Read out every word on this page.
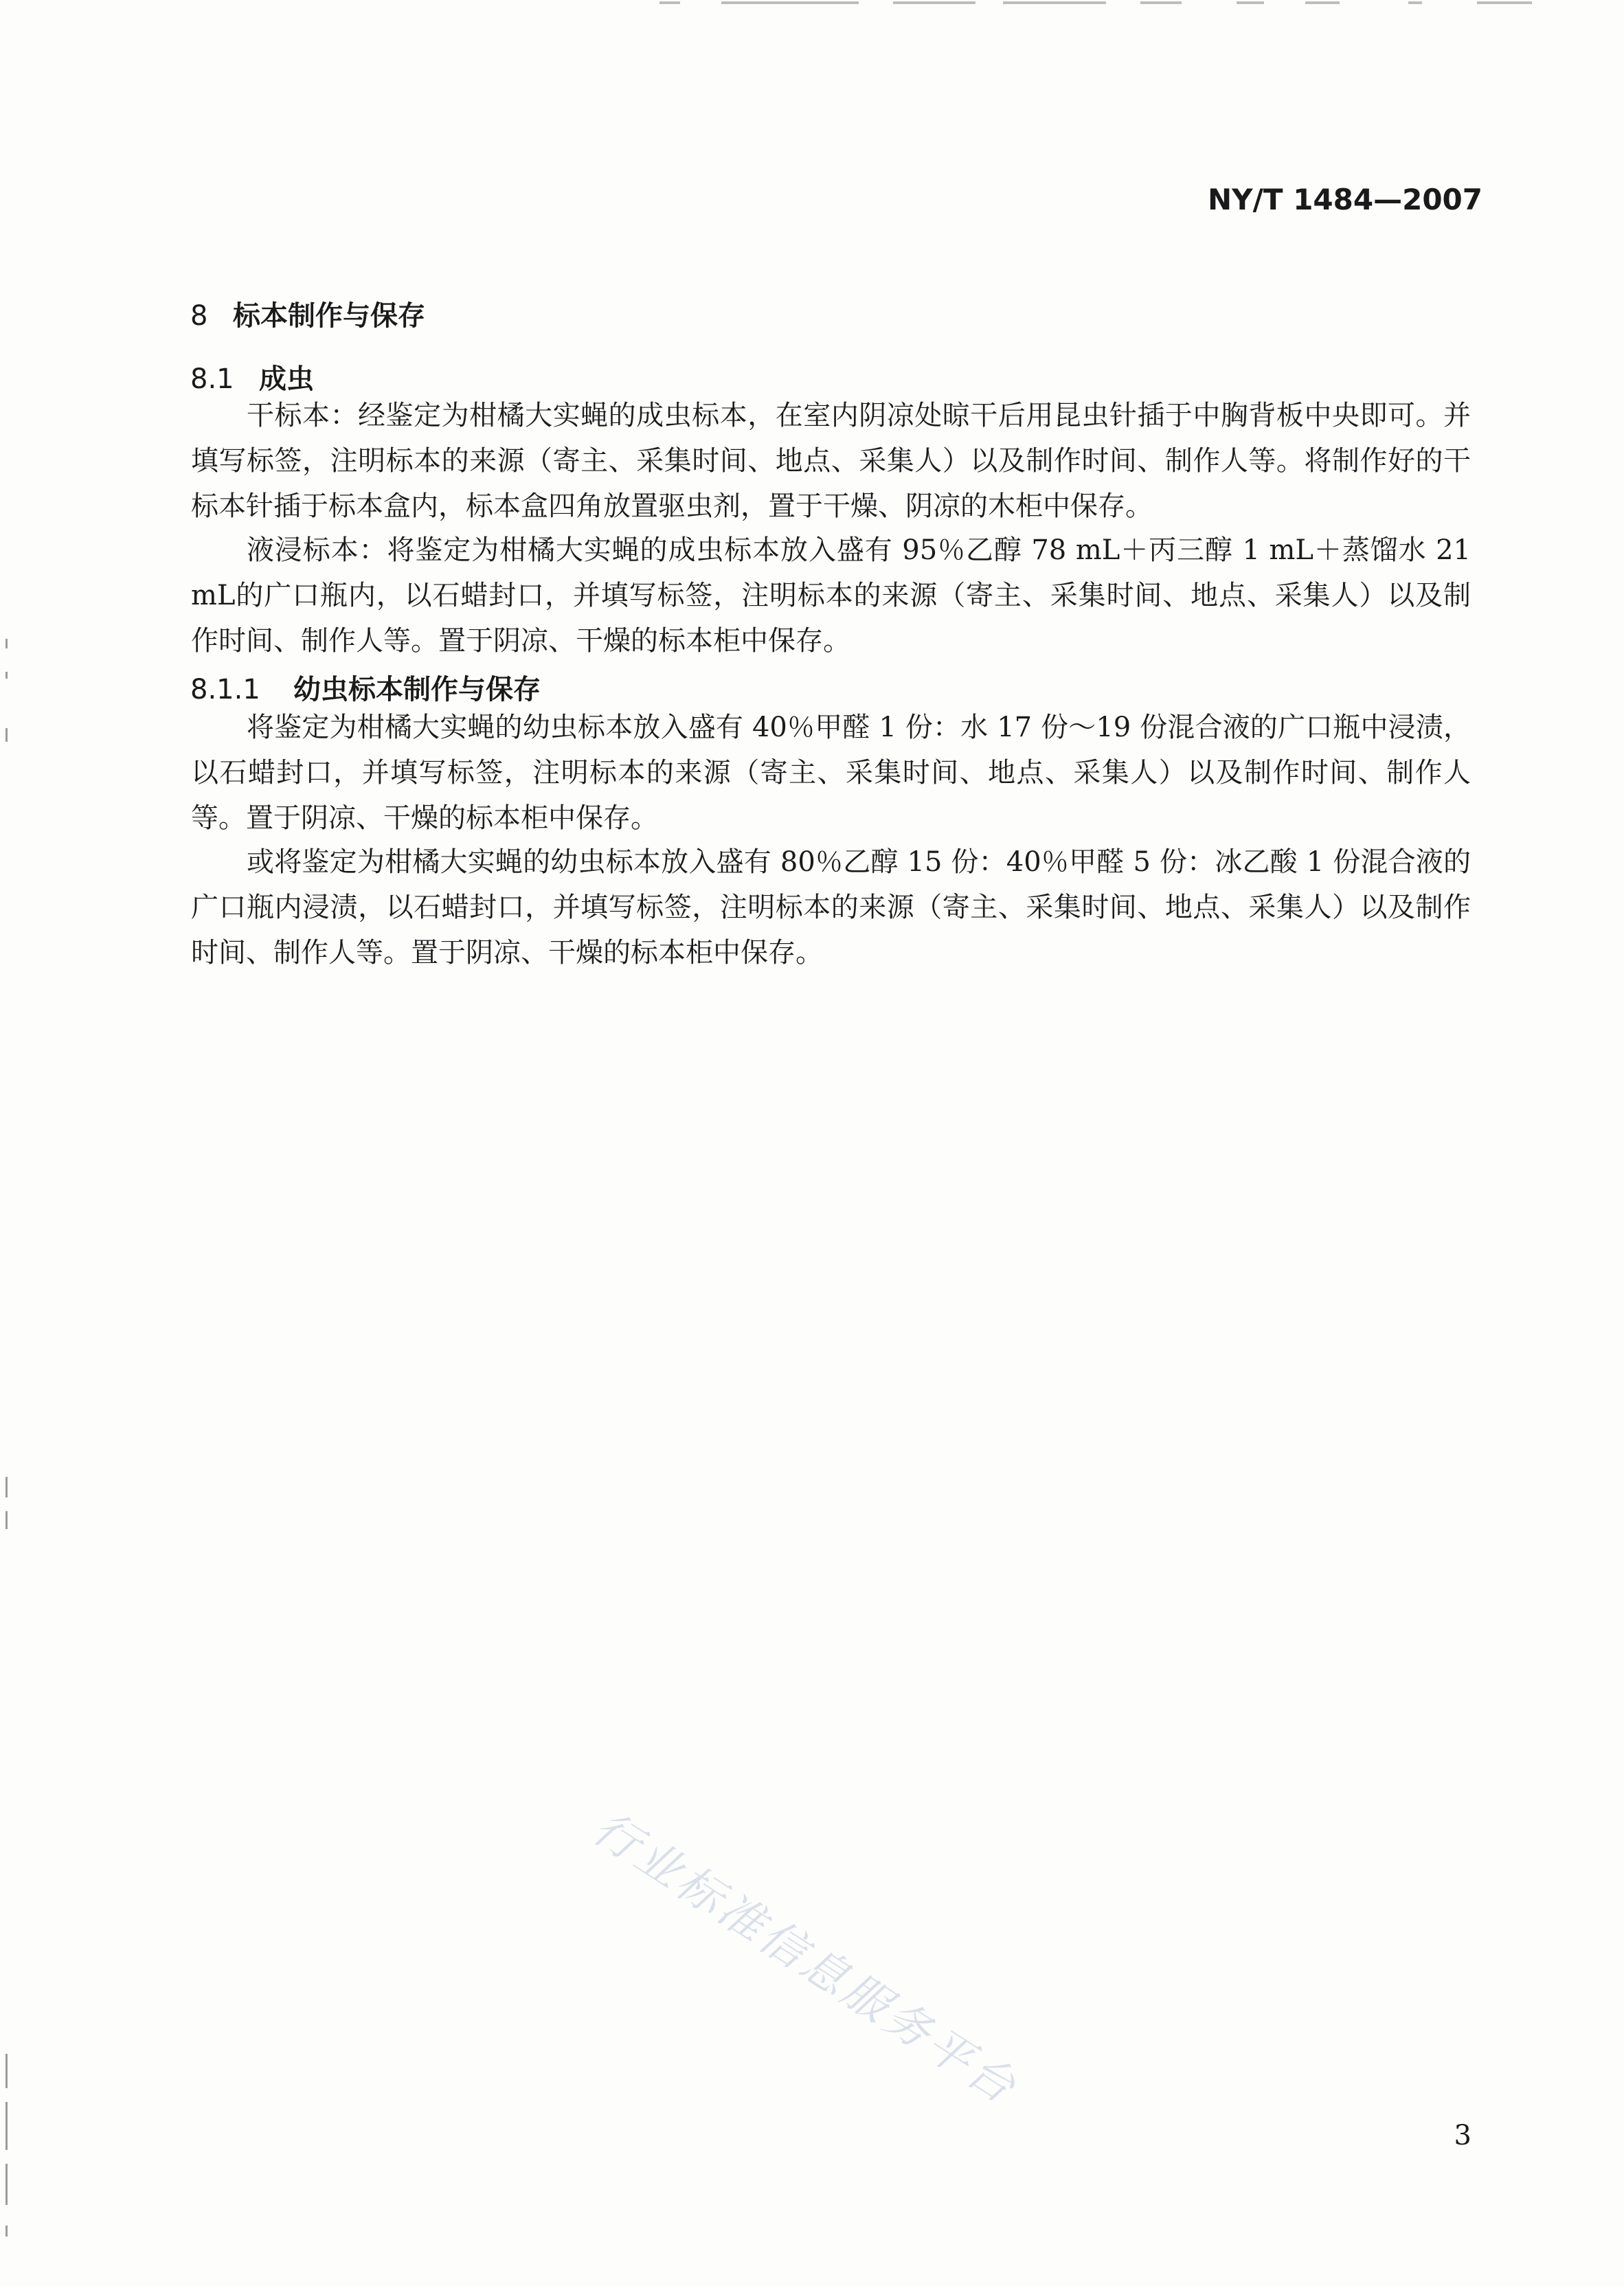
NY/T 1484—2007
8 标本制作与保存
8.1 成虫

干标本：经鉴定为柑橘大实蝇的成虫标本，在室内阴凉处晾干后用昆虫针插于中胸背板中央即可。并填写标签，注明标本的来源（寄主、采集时间、地点、采集人）以及制作时间、制作人等。将制作好的干标本针插于标本盒内，标本盒四角放置驱虫剂，置于干燥、阴凉的木柜中保存。

液浸标本：将鉴定为柑橘大实蝇的成虫标本放入盛有 95％乙醇 78 mL＋丙三醇 1 mL＋蒸馏水 21 mL的广口瓶内，以石蜡封口，并填写标签，注明标本的来源（寄主、采集时间、地点、采集人）以及制作时间、制作人等。置于阴凉、干燥的标本柜中保存。

8.1.1 幼虫标本制作与保存

将鉴定为柑橘大实蝇的幼虫标本放入盛有 40％甲醛 1 份：水 17 份～19 份混合液的广口瓶中浸渍，以石蜡封口，并填写标签，注明标本的来源（寄主、采集时间、地点、采集人）以及制作时间、制作人等。置于阴凉、干燥的标本柜中保存。

或将鉴定为柑橘大实蝇的幼虫标本放入盛有 80％乙醇 15 份：40％甲醛 5 份：冰乙酸 1 份混合液的广口瓶内浸渍，以石蜡封口，并填写标签，注明标本的来源（寄主、采集时间、地点、采集人）以及制作时间、制作人等。置于阴凉、干燥的标本柜中保存。

行业标准信息服务平台
3
